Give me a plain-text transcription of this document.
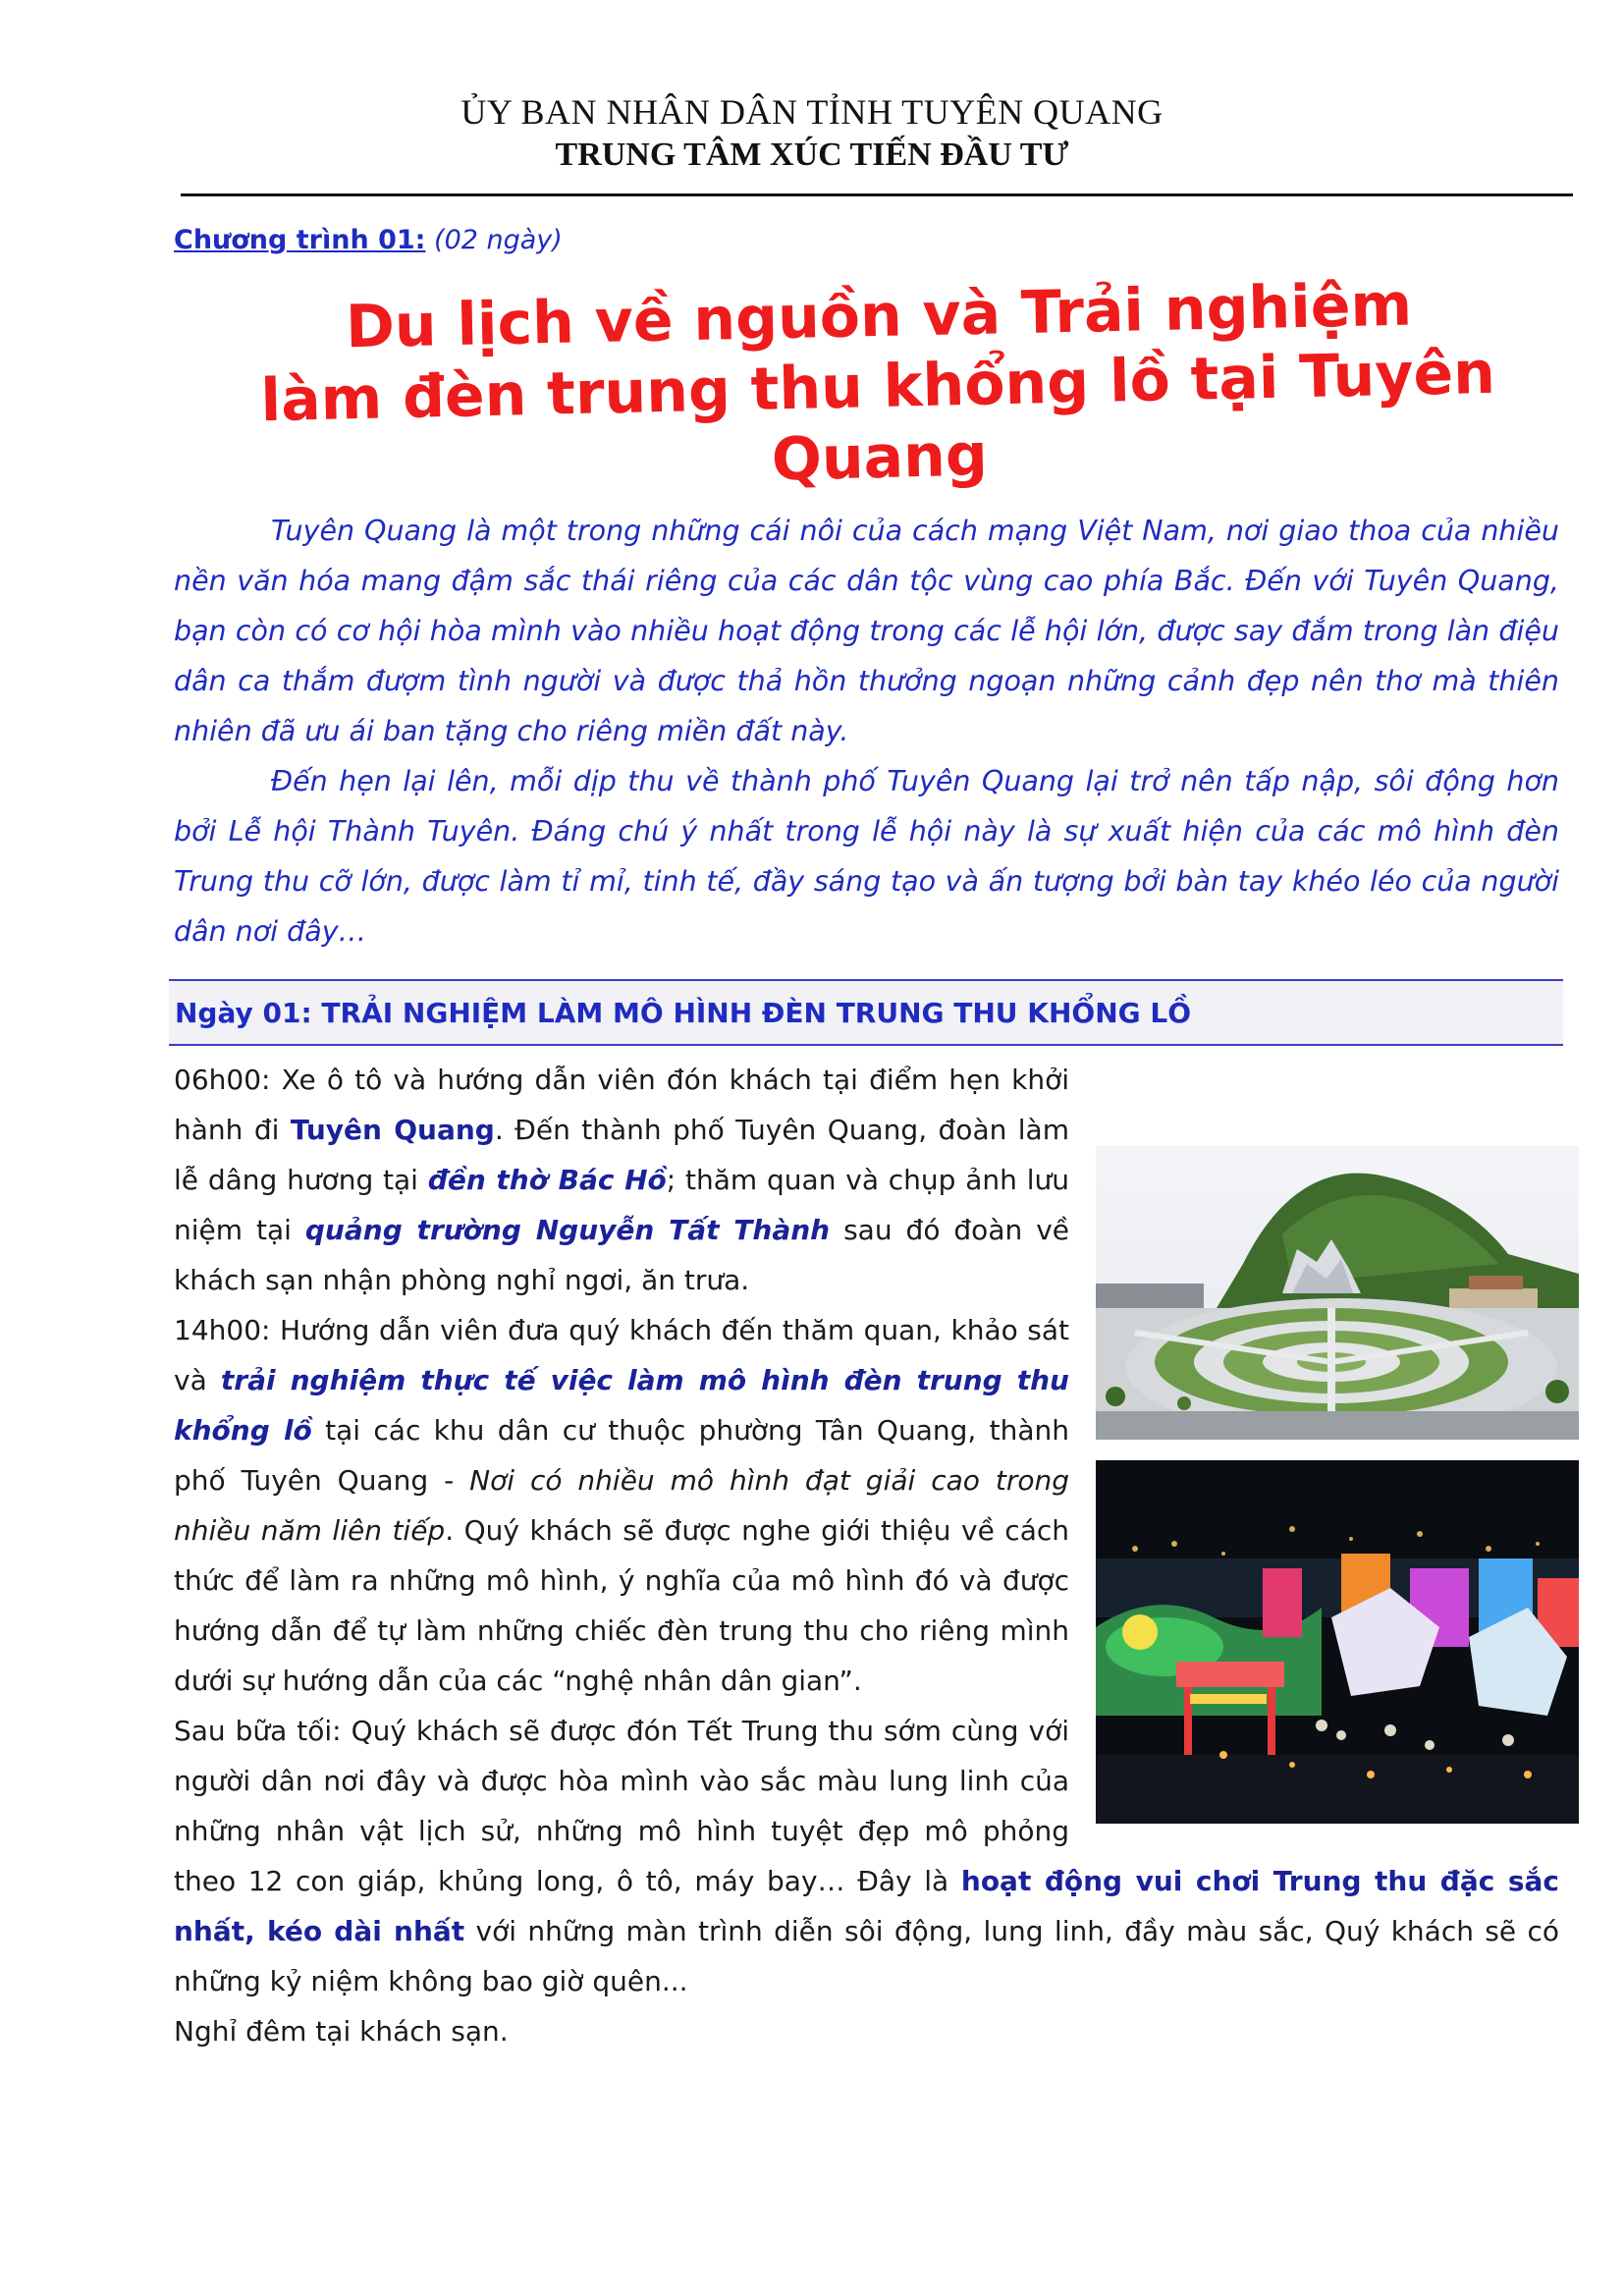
ỦY BAN NHÂN DÂN TỈNH TUYÊN QUANG
TRUNG TÂM XÚC TIẾN ĐẦU TƯ
Chương trình 01: (02 ngày)
Du lịch về nguồn và Trải nghiệm
làm đèn trung thu khổng lồ tại Tuyên Quang

Tuyên Quang là một trong những cái nôi của cách mạng Việt Nam, nơi giao thoa của nhiều nền văn hóa mang đậm sắc thái riêng của các dân tộc vùng cao phía Bắc. Đến với Tuyên Quang, bạn còn có cơ hội hòa mình vào nhiều hoạt động trong các lễ hội lớn, được say đắm trong làn điệu dân ca thắm đượm tình người và được thả hồn thưởng ngoạn những cảnh đẹp nên thơ mà thiên nhiên đã ưu ái ban tặng cho riêng miền đất này.

Đến hẹn lại lên, mỗi dịp thu về thành phố Tuyên Quang lại trở nên tấp nập, sôi động hơn bởi Lễ hội Thành Tuyên. Đáng chú ý nhất trong lễ hội này là sự xuất hiện của các mô hình đèn Trung thu cỡ lớn, được làm tỉ mỉ, tinh tế, đầy sáng tạo và ấn tượng bởi bàn tay khéo léo của người dân nơi đây…

Ngày 01: TRẢI NGHIỆM LÀM MÔ HÌNH ĐÈN TRUNG THU KHỔNG LỒ

06h00: Xe ô tô và hướng dẫn viên đón khách tại điểm hẹn khởi hành đi Tuyên Quang. Đến thành phố Tuyên Quang, đoàn làm lễ dâng hương tại đền thờ Bác Hồ; thăm quan và chụp ảnh lưu niệm tại quảng trường Nguyễn Tất Thành sau đó đoàn về khách sạn nhận phòng nghỉ ngơi, ăn trưa.

14h00: Hướng dẫn viên đưa quý khách đến thăm quan, khảo sát và trải nghiệm thực tế việc làm mô hình đèn trung thu khổng lồ tại các khu dân cư thuộc phường Tân Quang, thành phố Tuyên Quang - Nơi có nhiều mô hình đạt giải cao trong nhiều năm liên tiếp. Quý khách sẽ được nghe giới thiệu về cách thức để làm ra những mô hình, ý nghĩa của mô hình đó và được hướng dẫn để tự làm những chiếc đèn trung thu cho riêng mình dưới sự hướng dẫn của các “nghệ nhân dân gian”.

Sau bữa tối: Quý khách sẽ được đón Tết Trung thu sớm cùng với người dân nơi đây và được hòa mình vào sắc màu lung linh của những nhân vật lịch sử, những mô hình tuyệt đẹp mô phỏng

theo 12 con giáp, khủng long, ô tô, máy bay… Đây là hoạt động vui chơi Trung thu đặc sắc nhất, kéo dài nhất với những màn trình diễn sôi động, lung linh, đầy màu sắc, Quý khách sẽ có những kỷ niệm không bao giờ quên...

Nghỉ đêm tại khách sạn.
